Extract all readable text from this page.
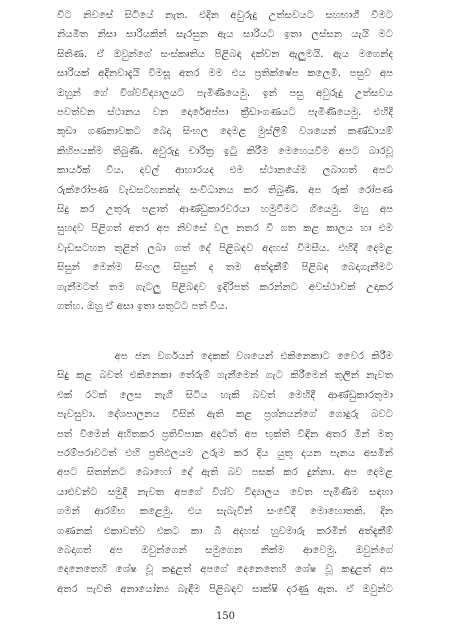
විට නිවසේ සිටියේ නැත. එදින අවුරුදු උත්සවයට සහභාගී වීමට
නියමිත නිසා සාරියකින් සැරසුන ඇය සාරියට ඉතා ලස්සන යැයි මට
සිතිණ. ඒ ඔවුන්ගේ සංස්කෘතිය පිළිබඳ දක්වන ඇලුමයි. ඇය මගෙන්ද
සාරියක් අදිනවාදැයි විමසූ අතර මම එය ප්‍රතික්ෂේප කලෙමි. පසුව අප
ඔහුන් ගේ විශ්වවිද්‍යාලයට පැමිණියෙමු. ඉන් පසු අවුරුදු උත්සවය
පවත්වන ස්ථානය වන දොරේඅප්පා ක්‍රීඩාංගණයට පැමිණියෙමු. එහිදී
කුඩා ගණනාවකට බෙදා සිංහල දෙමළ මුස්ලිම් වශයෙන් කණ්ඩායම්
කිහිපයක්ම තිබුණි. අවුරුදු චාරිත්‍ර ඉටු කිරීම මෙහෙයවීම අපට බාරවූ
කාර්යක් විය. දවල් ආහාරයද එම ස්ථානයේම ලබාගත් අපට
රුක්රෝපණ වැඩසටහනක්ද සංවිධානය කර තිබුණි. අප රුක් රෝපණ
සිදු කර උතුරු පළාත් ආණ්ඩුකාරවරයා හමුවීමට ගියෙමු. ඔහු අප
සුහදව පිළිගත් අතර අප නිවසේ වල නතර වී ගත කළ කාලය හා එම
වැඩසටහන තුළින් ලබා ගත් දේ පිළිබඳව අදහස් විමසීය. එහිදී දෙමළ
සිසුන් මෙන්ම සිංහල සිසුන් ද තම අත්දැකීම් පිළිබඳ බෙදාගැනීමට
ගැනීමටත් තම ගැටලු පිළිබඳව ඉදිරිපත් කරන්නට අවස්ථාවක් උදාකර
ගත්හ. ඔහු ඒ අසා ඉතා සතුටට පත් විය.
අප ජන වර්ගයන් දෙකක් වශයෙන් එකිනෙකාට වෛර කිරීම
සිදු කළ බවත් එකිනෙකා තේරුම් ගැනීමෙන් ගැට කිරීමෙන් තුලින් නැවත
එක් රටක් ලෙස නැගී සිටිය හැකි බවත් මෙහිදී ආණ්ඩුකාරතුමා
පැවසුවා. දේශපාලනය විසින් ඇති කළ ප්‍රශ්නයන්ගේ ගොදුරු බවට
පත් විමෙන් අහිතකර ප්‍රතිවිපාක අදටත් අප භුක්ති විඳින අතර මින් මතු
පරම්පරාවටත් එහි ප්‍රතිඵලයම උරුම කර දිය යුතු දයන පැනය අසමින්
අපට සිතන්නට බොහෝ දේ ඇති බව පසක් කර දුන්නා. අප දෙමළ
යාළුවන්ට සමුදී නැවත අපගේ විශ්ව විද්‍යාලය වෙත පැමිණීම සඳහා
ගමන් ආරම්භ කළෙමු. එය සැබැවින් සංවේදී මොහොතකි. දින
ගණනක් එකාවත්ව එකට කා බී අදහස් හුවමාරු කරමින් අත්දැකීම්
බෙදාගත් අප ඔවුන්ගෙන් සමුගෙන නික්ම ආවෙමු. ඔවුන්ගේ
දෙනෙතෙහි ශේෂ වූ කඳුළත් අපගේ දෙනෙතෙහි ශේෂ වූ කඳුළත් අප
අතර පැවති අනායෝන්‍ය බැඳීම පිළිබඳව සාක්ෂි දරණු ඇත. ඒ ඔවුන්ට
150
